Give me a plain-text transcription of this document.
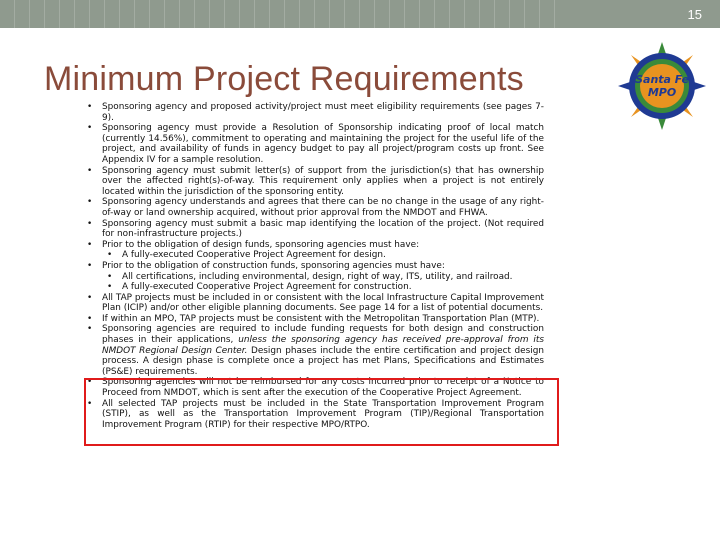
15
Minimum Project Requirements	Santa Fe
MPO
• Sponsoring agency and proposed activity/project must meet eligibility requirements (see pages 7-9).
• Sponsoring agency must provide a Resolution of Sponsorship indicating proof of local match (currently 14.56%), commitment to operating and maintaining the project for the useful life of the project, and availability of funds in agency budget to pay all project/program costs up front. See Appendix IV for a sample resolution.
• Sponsoring agency must submit letter(s) of support from the jurisdiction(s) that has ownership over the affected right(s)-of-way. This requirement only applies when a project is not entirely located within the jurisdiction of the sponsoring entity.
• Sponsoring agency understands and agrees that there can be no change in the usage of any right-of-way or land ownership acquired, without prior approval from the NMDOT and FHWA.
• Sponsoring agency must submit a basic map identifying the location of the project. (Not required for non-infrastructure projects.)
• Prior to the obligation of design funds, sponsoring agencies must have:
• A fully-executed Cooperative Project Agreement for design.
• Prior to the obligation of construction funds, sponsoring agencies must have:
• All certifications, including environmental, design, right of way, ITS, utility, and railroad.
• A fully-executed Cooperative Project Agreement for construction.
• All TAP projects must be included in or consistent with the local Infrastructure Capital Improvement Plan (ICIP) and/or other eligible planning documents. See page 14 for a list of potential documents.
• If within an MPO, TAP projects must be consistent with the Metropolitan Transportation Plan (MTP).
• Sponsoring agencies are required to include funding requests for both design and construction phases in their applications, unless the sponsoring agency has received pre-approval from its NMDOT Regional Design Center. Design phases include the entire certification and project design process. A design phase is complete once a project has met Plans, Specifications and Estimates (PS&E) requirements.
• Sponsoring agencies will not be reimbursed for any costs incurred prior to receipt of a Notice to Proceed from NMDOT, which is sent after the execution of the Cooperative Project Agreement.
• All selected TAP projects must be included in the State Transportation Improvement Program (STIP), as well as the Transportation Improvement Program (TIP)/Regional Transportation Improvement Program (RTIP) for their respective MPO/RTPO.
